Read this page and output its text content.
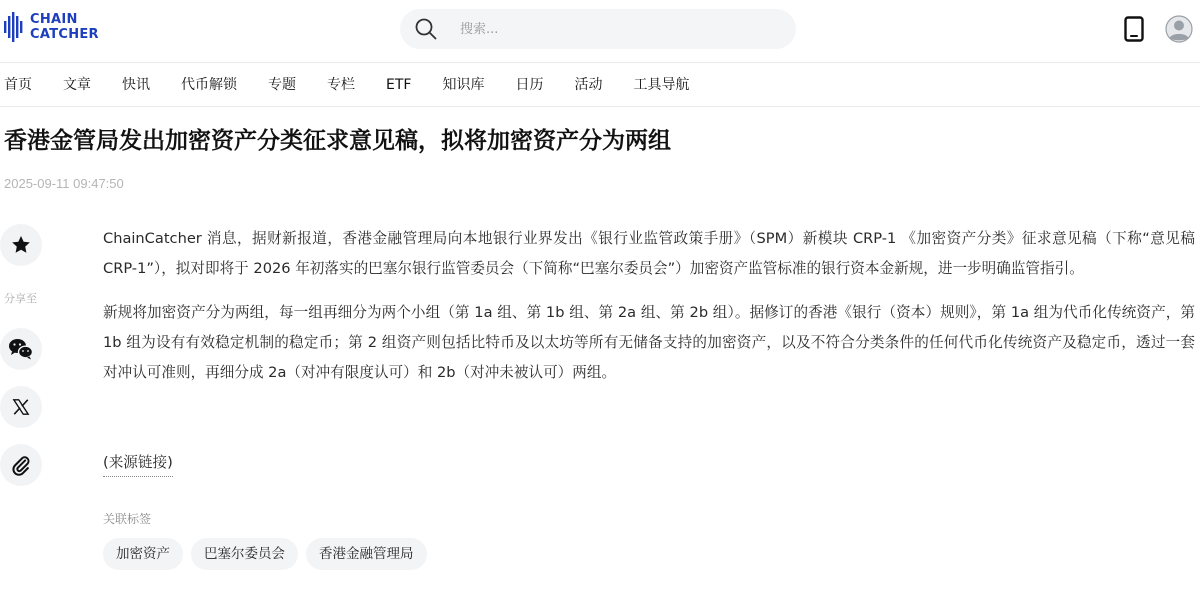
CHAIN
CATCHER
搜索...
首页 文章 快讯 代币解锁 专题 专栏 ETF 知识库 日历 活动 工具导航
香港金管局发出加密资产分类征求意见稿，拟将加密资产分为两组
2025-09-11 09:47:50
分享至

ChainCatcher 消息，据财新报道，香港金融管理局向本地银行业界发出《银行业监管政策手册》（SPM）新模块 CRP-1 《加密资产分类》征求意见稿（下称“意见稿 CRP-1”），拟对即将于 2026 年初落实的巴塞尔银行监管委员会（下简称“巴塞尔委员会”）加密资产监管标准的银行资本金新规，进一步明确监管指引。

新规将加密资产分为两组，每一组再细分为两个小组（第 1a 组、第 1b 组、第 2a 组、第 2b 组）。据修订的香港《银行（资本）规则》，第 1a 组为代币化传统资产，第 1b 组为设有有效稳定机制的稳定币；第 2 组资产则包括比特币及以太坊等所有无储备支持的加密资产，以及不符合分类条件的任何代币化传统资产及稳定币，透过一套对冲认可准则，再细分成 2a（对冲有限度认可）和 2b（对冲未被认可）两组。

(来源链接)
关联标签
加密资产	巴塞尔委员会	香港金融管理局
